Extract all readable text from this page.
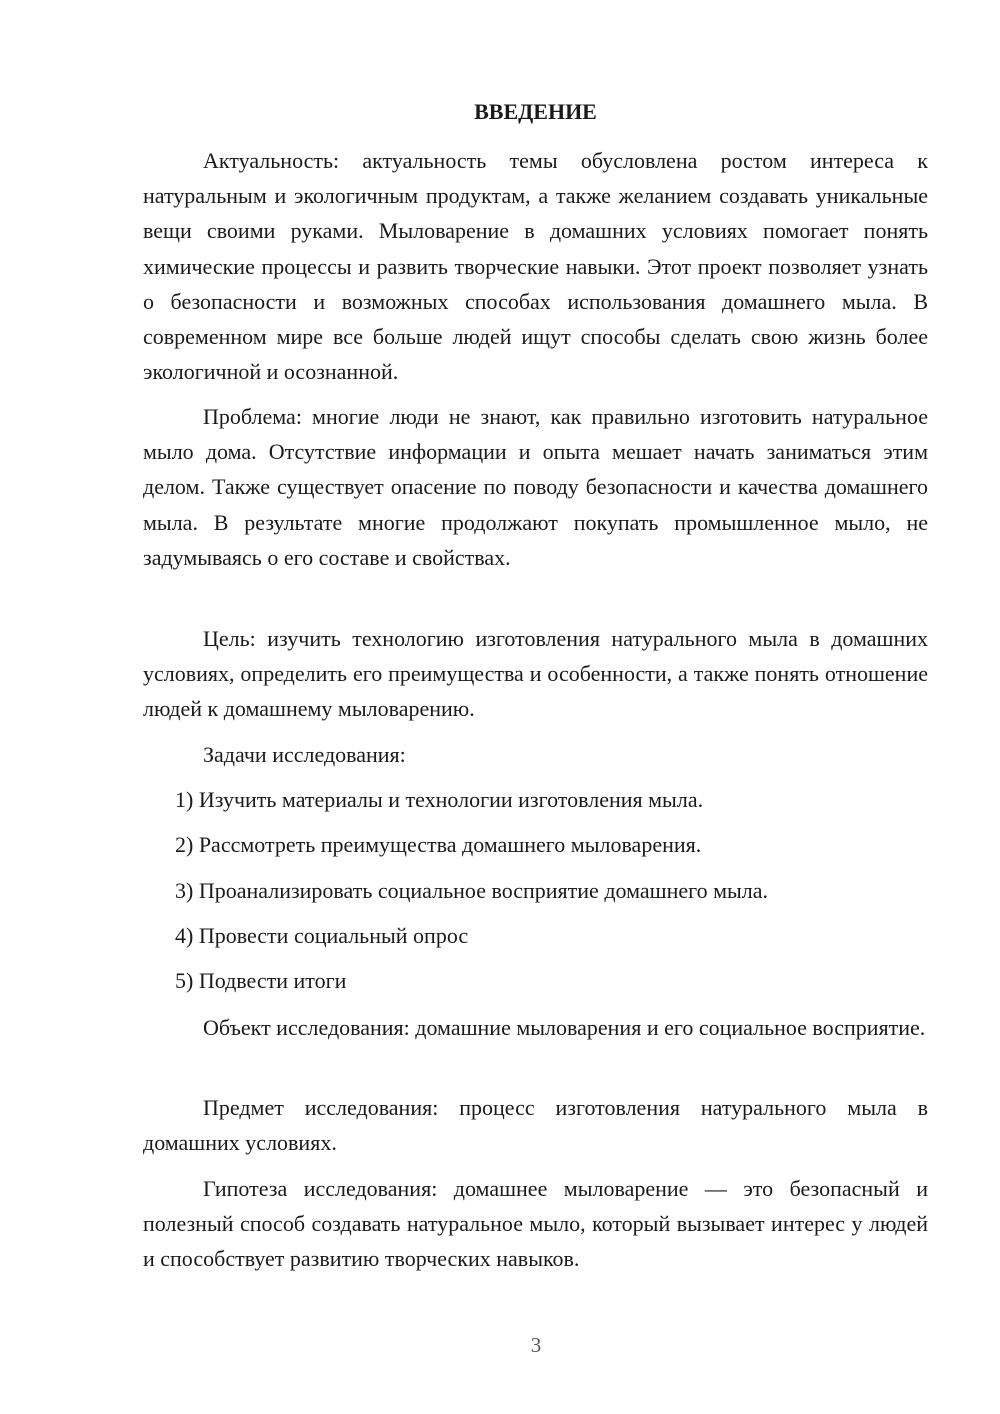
ВВЕДЕНИЕ

Актуальность: актуальность темы обусловлена ростом интереса к натуральным и экологичным продуктам, а также желанием создавать уникальные вещи своими руками. Мыловарение в домашних условиях помогает понять химические процессы и развить творческие навыки. Этот проект позволяет узнать о безопасности и возможных способах использования домашнего мыла. В современном мире все больше людей ищут способы сделать свою жизнь более экологичной и осознанной.

Проблема: многие люди не знают, как правильно изготовить натуральное мыло дома. Отсутствие информации и опыта мешает начать заниматься этим делом. Также существует опасение по поводу безопасности и качества домашнего мыла. В результате многие продолжают покупать промышленное мыло, не задумываясь о его составе и свойствах.

Цель: изучить технологию изготовления натурального мыла в домашних условиях, определить его преимущества и особенности, а также понять отношение людей к домашнему мыловарению.

Задачи исследования:

1) Изучить материалы и технологии изготовления мыла.

2) Рассмотреть преимущества домашнего мыловарения.

3) Проанализировать социальное восприятие домашнего мыла.

4) Провести социальный опрос

5) Подвести итоги

Объект исследования: домашние мыловарения и его социальное восприятие.

Предмет исследования: процесс изготовления натурального мыла в домашних условиях.

Гипотеза исследования: домашнее мыловарение — это безопасный и полезный способ создавать натуральное мыло, который вызывает интерес у людей и способствует развитию творческих навыков.

3
